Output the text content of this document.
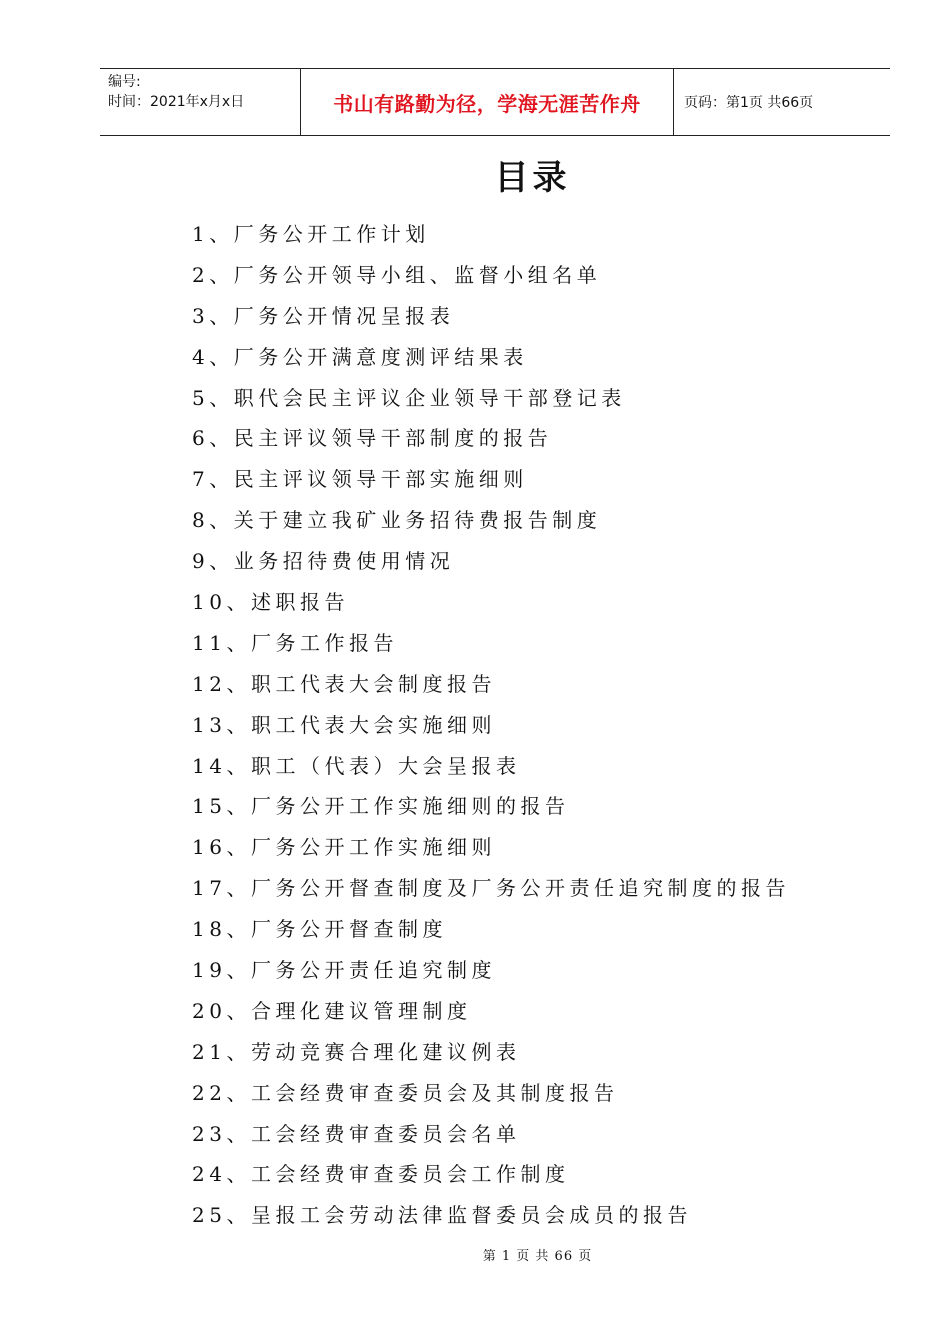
编号:
时间：2021年x月x日	书山有路勤为径，学海无涯苦作舟	页码：第1页 共66页
目录
1、厂务公开工作计划
2、厂务公开领导小组、监督小组名单
3、厂务公开情况呈报表
4、厂务公开满意度测评结果表
5、职代会民主评议企业领导干部登记表
6、民主评议领导干部制度的报告
7、民主评议领导干部实施细则
8、关于建立我矿业务招待费报告制度
9、业务招待费使用情况
10、述职报告
11、厂务工作报告
12、职工代表大会制度报告
13、职工代表大会实施细则
14、职工（代表）大会呈报表
15、厂务公开工作实施细则的报告
16、厂务公开工作实施细则
17、厂务公开督查制度及厂务公开责任追究制度的报告
18、厂务公开督查制度
19、厂务公开责任追究制度
20、合理化建议管理制度
21、劳动竞赛合理化建议例表
22、工会经费审查委员会及其制度报告
23、工会经费审查委员会名单
24、工会经费审查委员会工作制度
25、呈报工会劳动法律监督委员会成员的报告
第 1 页 共 66 页
